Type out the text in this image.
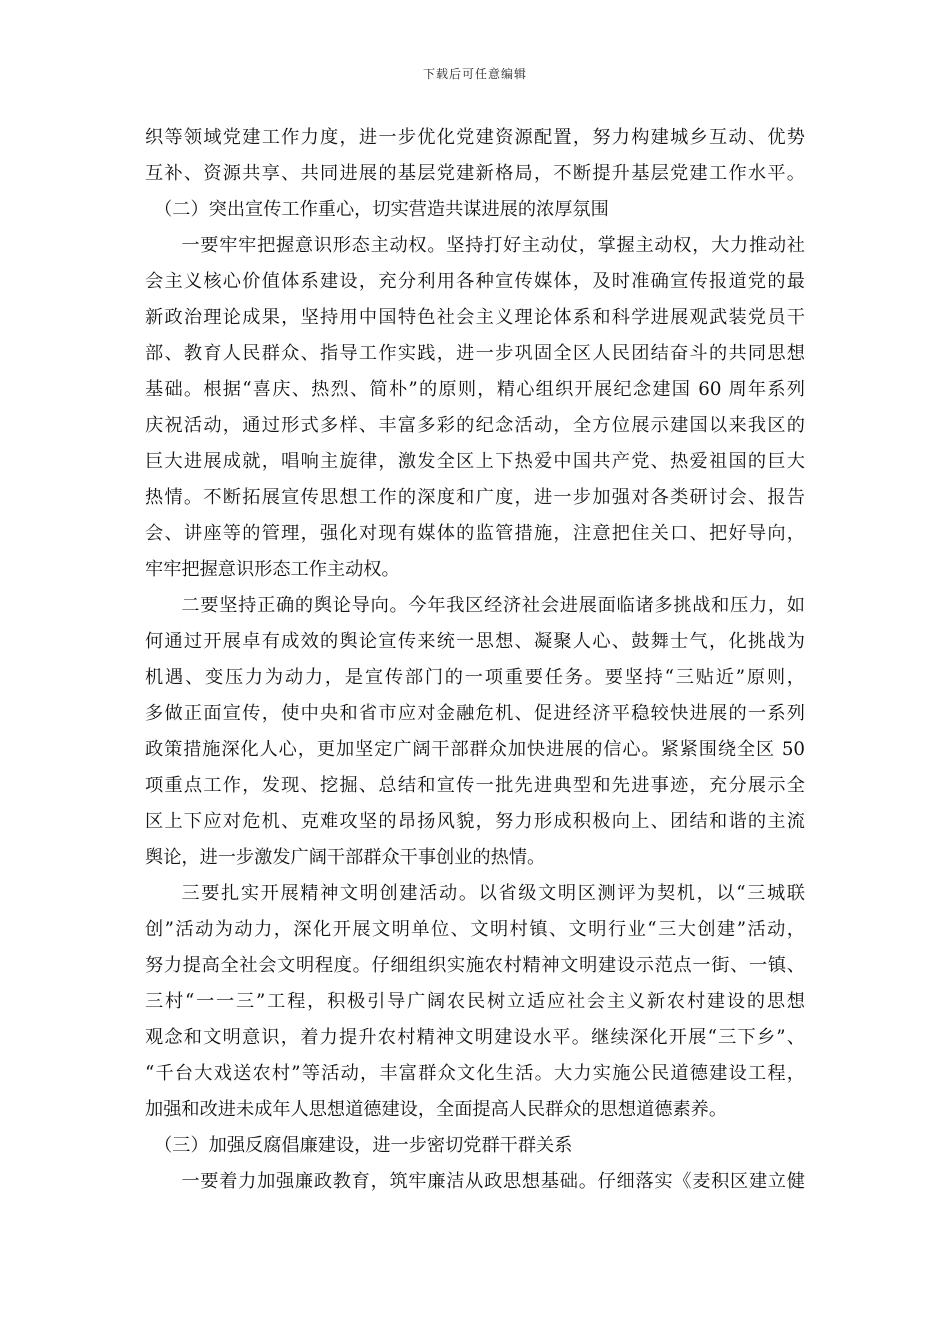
下载后可任意编辑
织等领域党建工作力度，进一步优化党建资源配置，努力构建城乡互动、优势
互补、资源共享、共同进展的基层党建新格局，不断提升基层党建工作水平。
（二）突出宣传工作重心，切实营造共谋进展的浓厚氛围
一要牢牢把握意识形态主动权。坚持打好主动仗，掌握主动权，大力推动社
会主义核心价值体系建设，充分利用各种宣传媒体，及时准确宣传报道党的最
新政治理论成果，坚持用中国特色社会主义理论体系和科学进展观武装党员干
部、教育人民群众、指导工作实践，进一步巩固全区人民团结奋斗的共同思想
基础。根据“喜庆、热烈、简朴”的原则，精心组织开展纪念建国 60 周年系列
庆祝活动，通过形式多样、丰富多彩的纪念活动，全方位展示建国以来我区的
巨大进展成就，唱响主旋律，激发全区上下热爱中国共产党、热爱祖国的巨大
热情。不断拓展宣传思想工作的深度和广度，进一步加强对各类研讨会、报告
会、讲座等的管理，强化对现有媒体的监管措施，注意把住关口、把好导向，
牢牢把握意识形态工作主动权。
二要坚持正确的舆论导向。今年我区经济社会进展面临诸多挑战和压力，如
何通过开展卓有成效的舆论宣传来统一思想、凝聚人心、鼓舞士气，化挑战为
机遇、变压力为动力，是宣传部门的一项重要任务。要坚持“三贴近”原则，
多做正面宣传，使中央和省市应对金融危机、促进经济平稳较快进展的一系列
政策措施深化人心，更加坚定广阔干部群众加快进展的信心。紧紧围绕全区 50
项重点工作，发现、挖掘、总结和宣传一批先进典型和先进事迹，充分展示全
区上下应对危机、克难攻坚的昂扬风貌，努力形成积极向上、团结和谐的主流
舆论，进一步激发广阔干部群众干事创业的热情。
三要扎实开展精神文明创建活动。以省级文明区测评为契机，以“三城联
创”活动为动力，深化开展文明单位、文明村镇、文明行业“三大创建”活动，
努力提高全社会文明程度。仔细组织实施农村精神文明建设示范点一街、一镇、
三村“一一三”工程，积极引导广阔农民树立适应社会主义新农村建设的思想
观念和文明意识，着力提升农村精神文明建设水平。继续深化开展“三下乡”、
“千台大戏送农村”等活动，丰富群众文化生活。大力实施公民道德建设工程，
加强和改进未成年人思想道德建设，全面提高人民群众的思想道德素养。
（三）加强反腐倡廉建设，进一步密切党群干群关系
一要着力加强廉政教育，筑牢廉洁从政思想基础。仔细落实《麦积区建立健
